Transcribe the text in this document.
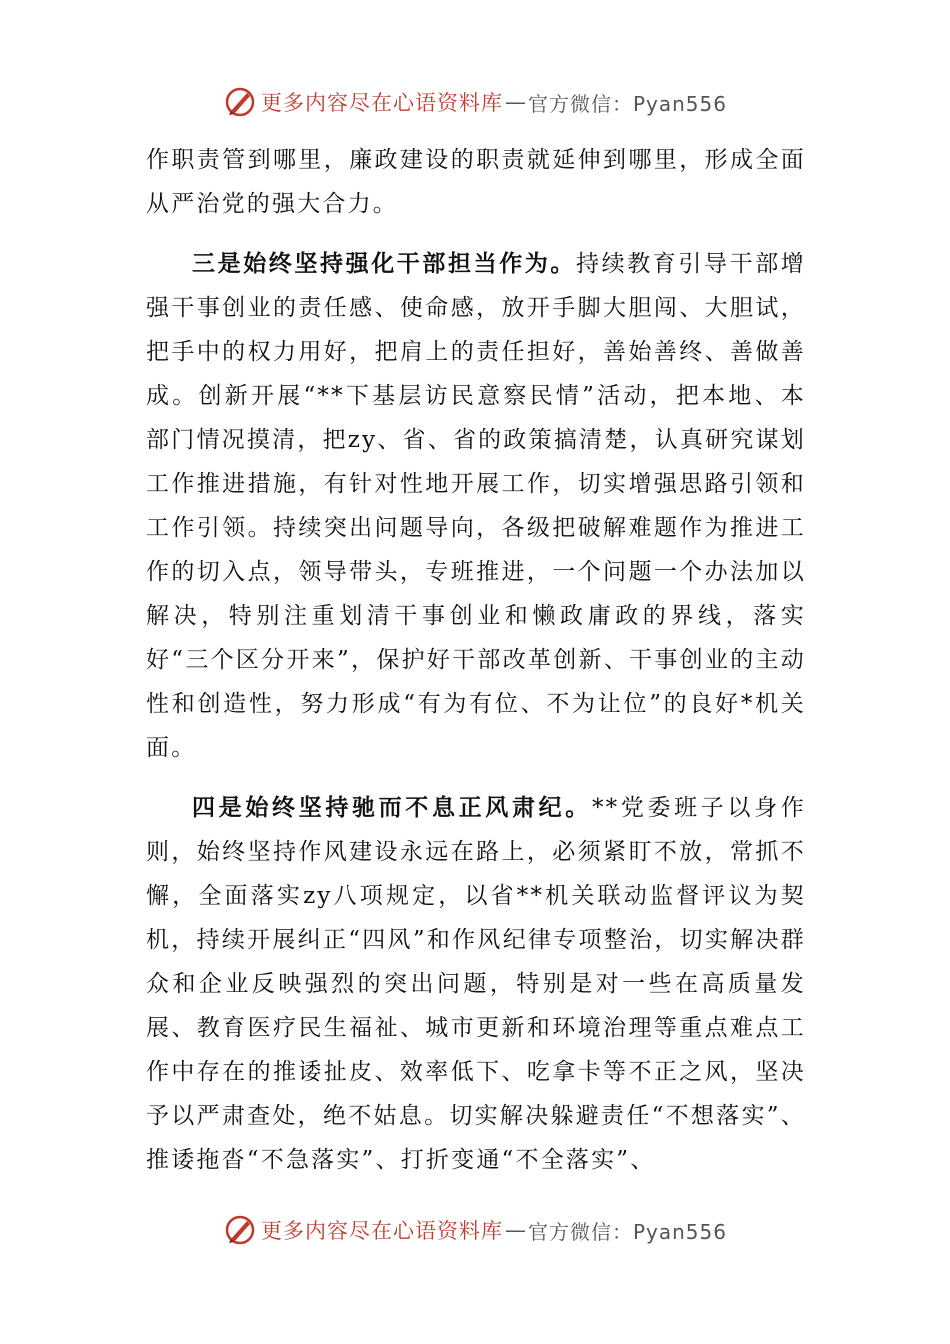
更多内容尽在心语资料库 — 官方微信：Pyan556

作职责管到哪里，廉政建设的职责就延伸到哪里，形成全面从严治党的强大合力。

三是始终坚持强化干部担当作为。持续教育引导干部增强干事创业的责任感、使命感，放开手脚大胆闯、大胆试，把手中的权力用好，把肩上的责任担好，善始善终、善做善成。创新开展“**下基层访民意察民情”活动，把本地、本部门情况摸清，把zy、省、省的政策搞清楚，认真研究谋划工作推进措施，有针对性地开展工作，切实增强思路引领和工作引领。持续突出问题导向，各级把破解难题作为推进工作的切入点，领导带头，专班推进，一个问题一个办法加以解决，特别注重划清干事创业和懒政庸政的界线，落实好“三个区分开来”，保护好干部改革创新、干事创业的主动性和创造性，努力形成“有为有位、不为让位”的良好*机关面。

四是始终坚持驰而不息正风肃纪。**党委班子以身作则，始终坚持作风建设永远在路上，必须紧盯不放，常抓不懈，全面落实zy八项规定，以省**机关联动监督评议为契机，持续开展纠正“四风”和作风纪律专项整治，切实解决群众和企业反映强烈的突出问题，特别是对一些在高质量发展、教育医疗民生福祉、城市更新和环境治理等重点难点工作中存在的推诿扯皮、效率低下、吃拿卡等不正之风，坚决予以严肃查处，绝不姑息。切实解决躲避责任“不想落实”、推诿拖沓“不急落实”、打折变通“不全落实”、

更多内容尽在心语资料库 — 官方微信：Pyan556
